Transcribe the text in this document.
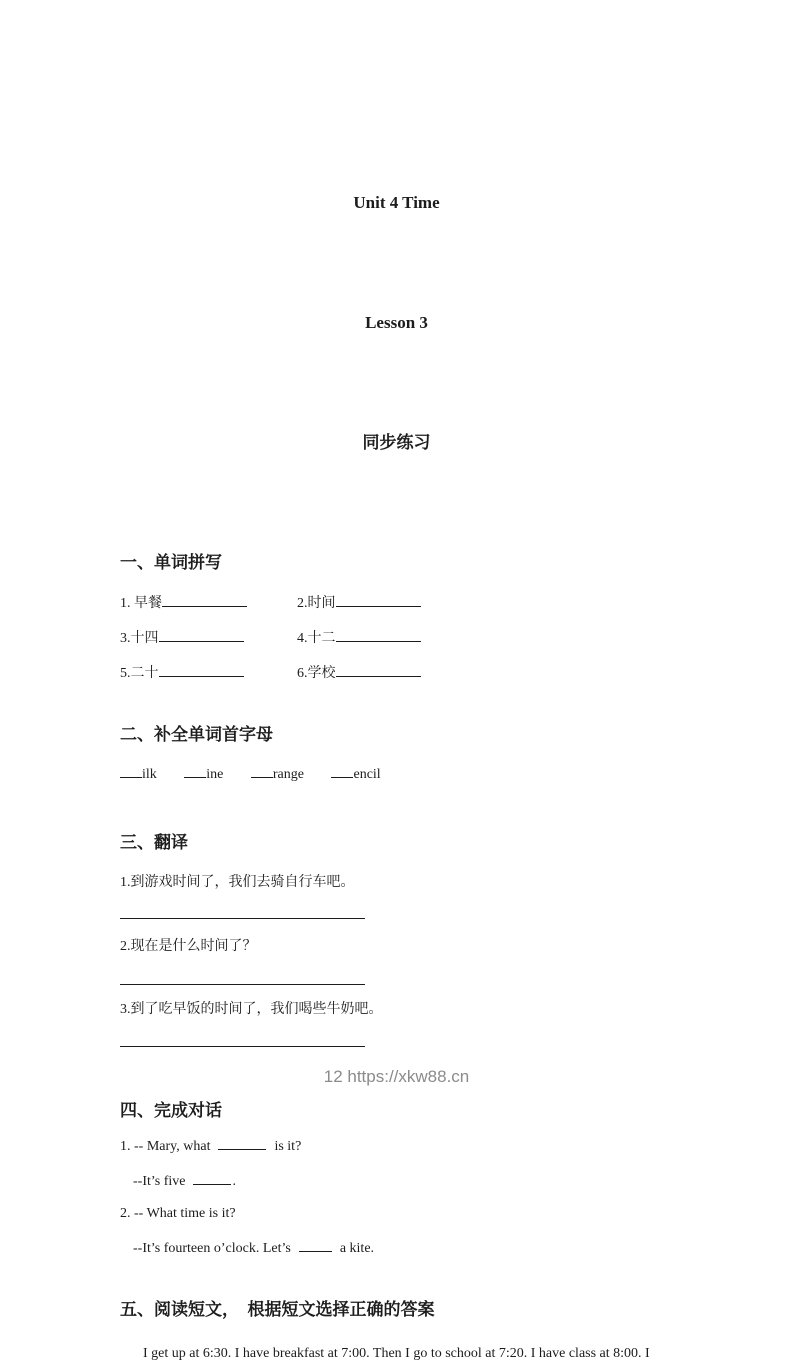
Unit 4 Time

Lesson 3

同步练习

一、单词拼写
1. 早餐	2.时间
3.十四	4.十二
5.二十	6.学校
二、补全单词首字母
ilk	ine	range	encil
三、翻译

1.到游戏时间了，我们去骑自行车吧。

2.现在是什么时间了？

3.到了吃早饭的时间了，我们喝些牛奶吧。

四、完成对话

1. -- Mary, what	is it?

--It’s five	.

2. -- What time is it?

--It’s fourteen o’clock. Let’s	a kite.

五、阅读短文，　根据短文选择正确的答案

I get up at 6:30. I have breakfast at 7:00. Then I go to school at 7:20. I have class at 8:00. I

12 https://xkw88.cn
